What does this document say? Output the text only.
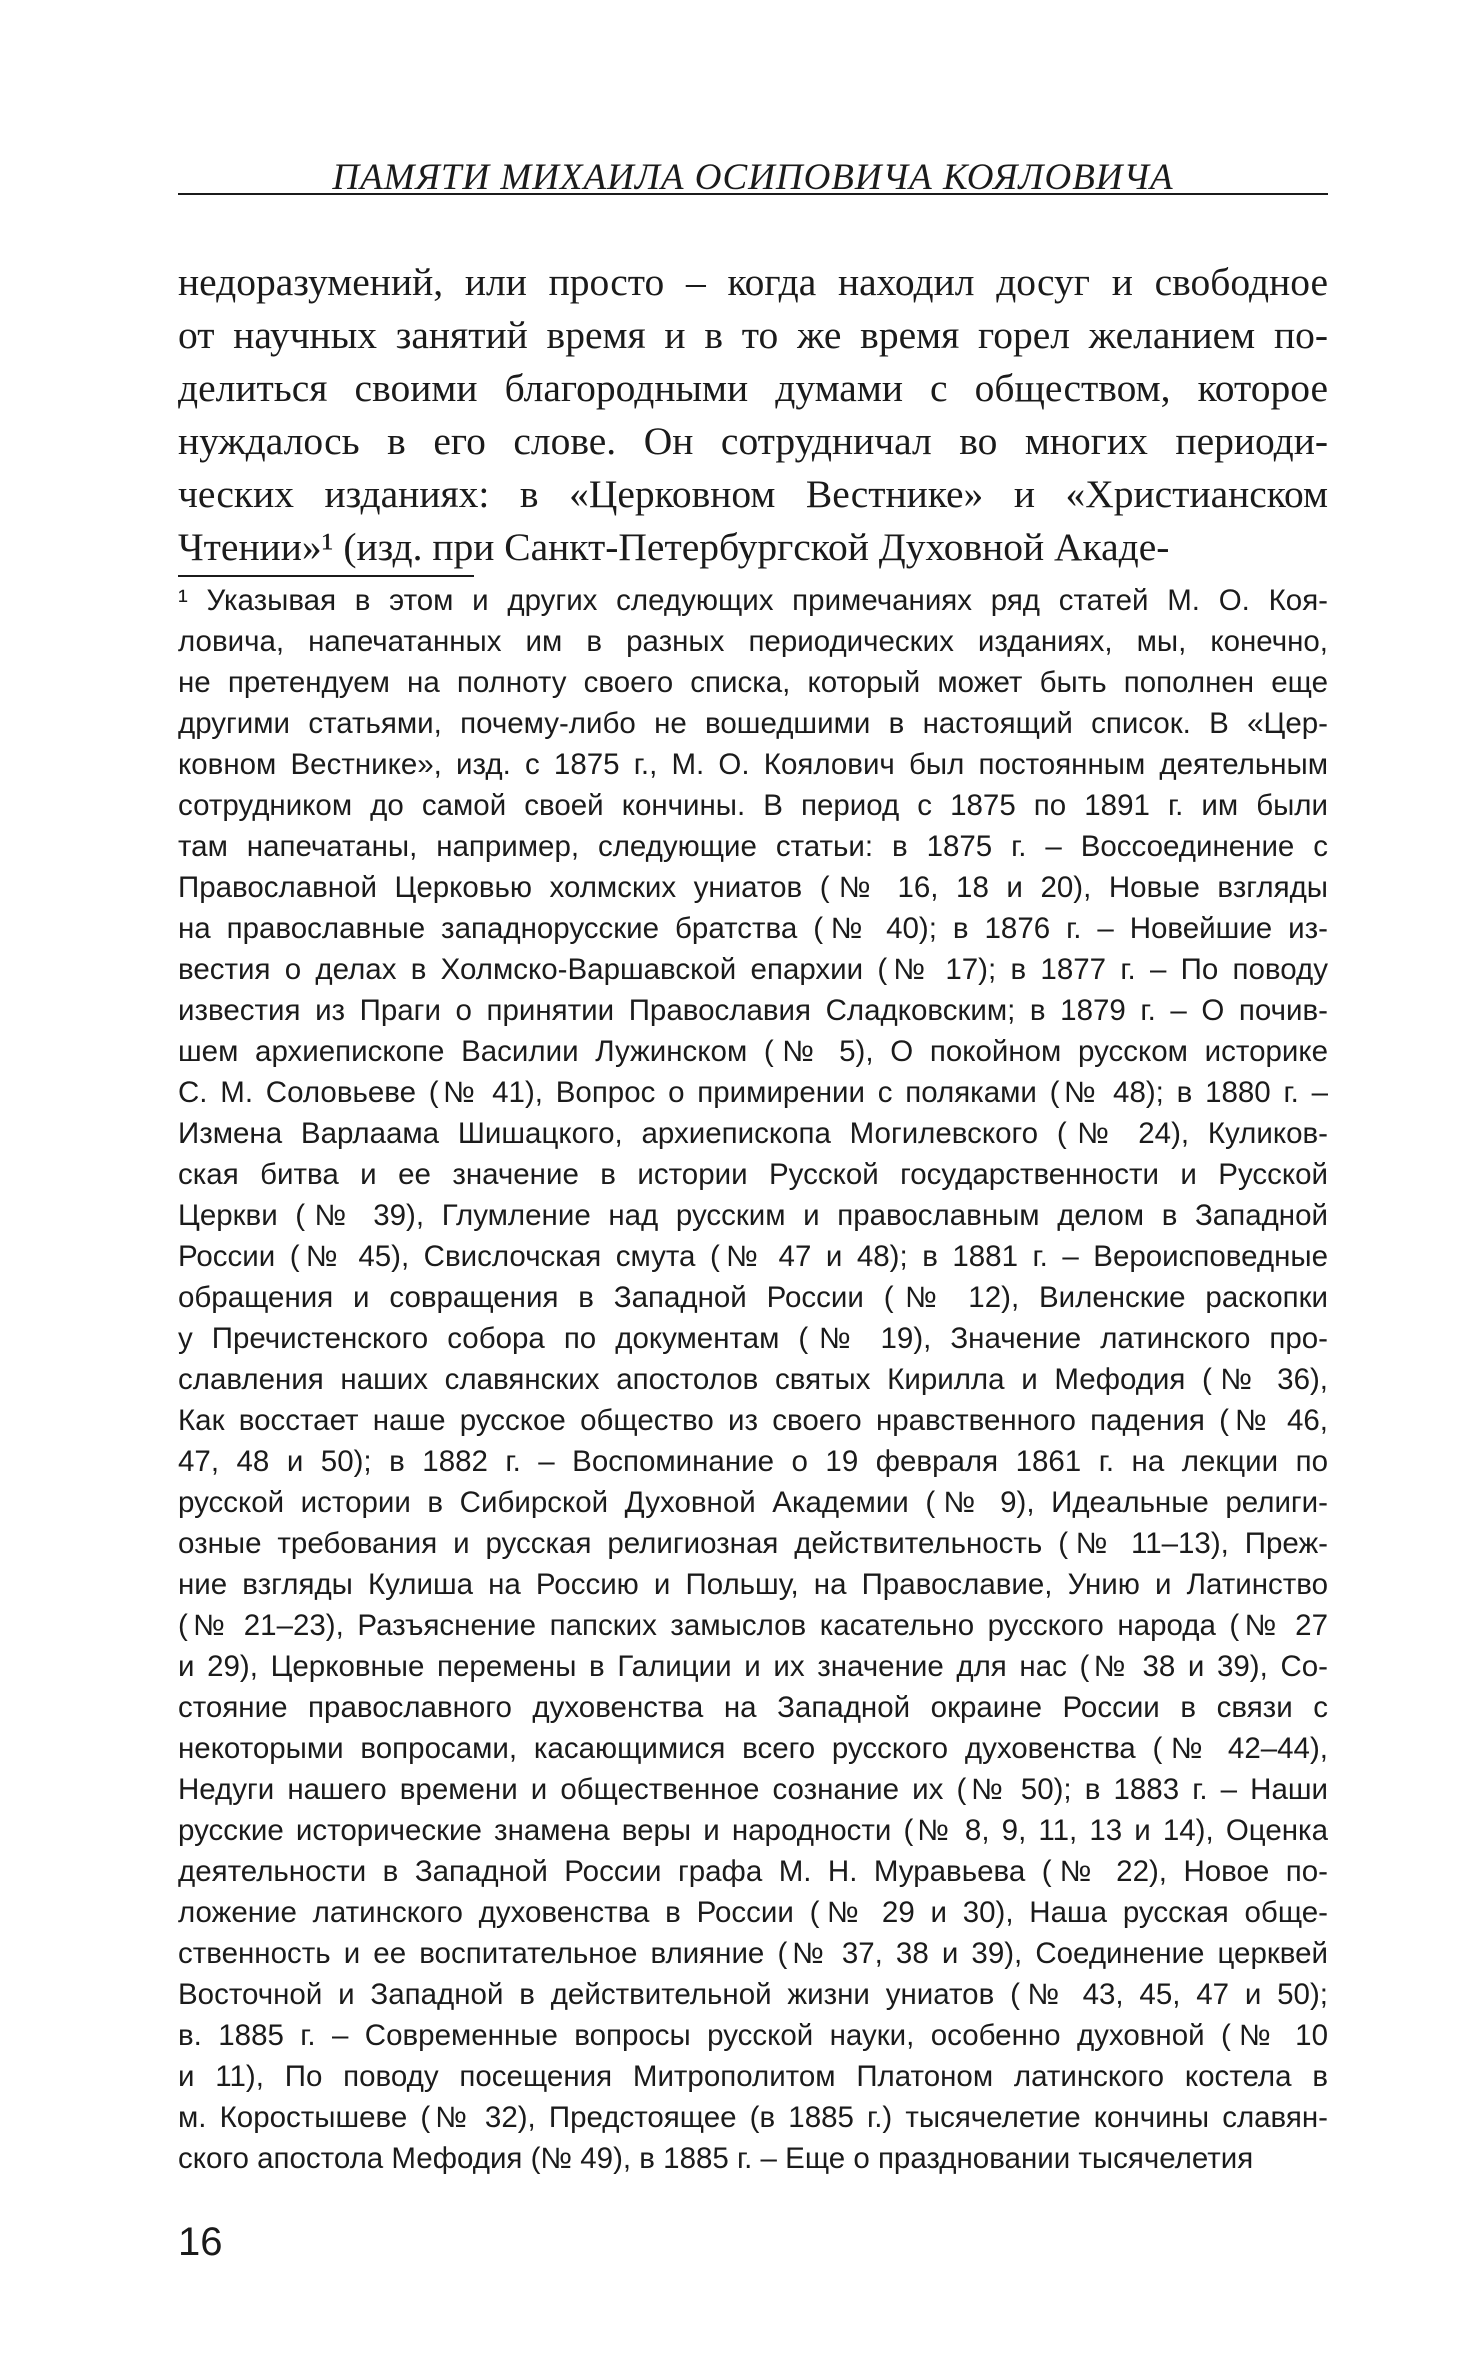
ПАМЯТИ МИХАИЛА ОСИПОВИЧА КОЯЛОВИЧА
недоразумений, или просто – когда находил досуг и свободное
от научных занятий время и в то же время горел желанием по-
делиться своими благородными думами с обществом, которое
нуждалось в его слове. Он сотрудничал во многих периоди-
ческих изданиях: в «Церковном Вестнике» и «Христианском
Чтении»¹ (изд. при Санкт-Петербургской Духовной Акаде-
¹ Указывая в этом и других следующих примечаниях ряд статей М. О. Коя-
ловича, напечатанных им в разных периодических изданиях, мы, конечно,
не претендуем на полноту своего списка, который может быть пополнен еще
другими статьями, почему-либо не вошедшими в настоящий список. В «Цер-
ковном Вестнике», изд. с 1875 г., М. О. Коялович был постоянным деятельным
сотрудником до самой своей кончины. В период с 1875 по 1891 г. им были
там напечатаны, например, следующие статьи: в 1875 г. – Воссоединение с
Православной Церковью холмских униатов (№ 16, 18 и 20), Новые взгляды
на православные западнорусские братства (№ 40); в 1876 г. – Новейшие из-
вестия о делах в Холмско-Варшавской епархии (№ 17); в 1877 г. – По поводу
известия из Праги о принятии Православия Сладковским; в 1879 г. – О почив-
шем архиепископе Василии Лужинском (№ 5), О покойном русском историке
С. М. Соловьеве (№ 41), Вопрос о примирении с поляками (№ 48); в 1880 г. –
Измена Варлаама Шишацкого, архиепископа Могилевского (№ 24), Куликов-
ская битва и ее значение в истории Русской государственности и Русской
Церкви (№ 39), Глумление над русским и православным делом в Западной
России (№ 45), Свислочская смута (№ 47 и 48); в 1881 г. – Вероисповедные
обращения и совращения в Западной России (№ 12), Виленские раскопки
у Пречистенского собора по документам (№ 19), Значение латинского про-
славления наших славянских апостолов святых Кирилла и Мефодия (№ 36),
Как восстает наше русское общество из своего нравственного падения (№ 46,
47, 48 и 50); в 1882 г. – Воспоминание о 19 февраля 1861 г. на лекции по
русской истории в Сибирской Духовной Академии (№ 9), Идеальные религи-
озные требования и русская религиозная действительность (№ 11–13), Преж-
ние взгляды Кулиша на Россию и Польшу, на Православие, Унию и Латинство
(№ 21–23), Разъяснение папских замыслов касательно русского народа (№ 27
и 29), Церковные перемены в Галиции и их значение для нас (№ 38 и 39), Со-
стояние православного духовенства на Западной окраине России в связи с
некоторыми вопросами, касающимися всего русского духовенства (№ 42–44),
Недуги нашего времени и общественное сознание их (№ 50); в 1883 г. – Наши
русские исторические знамена веры и народности (№ 8, 9, 11, 13 и 14), Оценка
деятельности в Западной России графа М. Н. Муравьева (№ 22), Новое по-
ложение латинского духовенства в России (№ 29 и 30), Наша русская обще-
ственность и ее воспитательное влияние (№ 37, 38 и 39), Соединение церквей
Восточной и Западной в действительной жизни униатов (№ 43, 45, 47 и 50);
в. 1885 г. – Современные вопросы русской науки, особенно духовной (№ 10
и 11), По поводу посещения Митрополитом Платоном латинского костела в
м. Коростышеве (№ 32), Предстоящее (в 1885 г.) тысячелетие кончины славян-
ского апостола Мефодия (№ 49), в 1885 г. – Еще о праздновании тысячелетия
16
